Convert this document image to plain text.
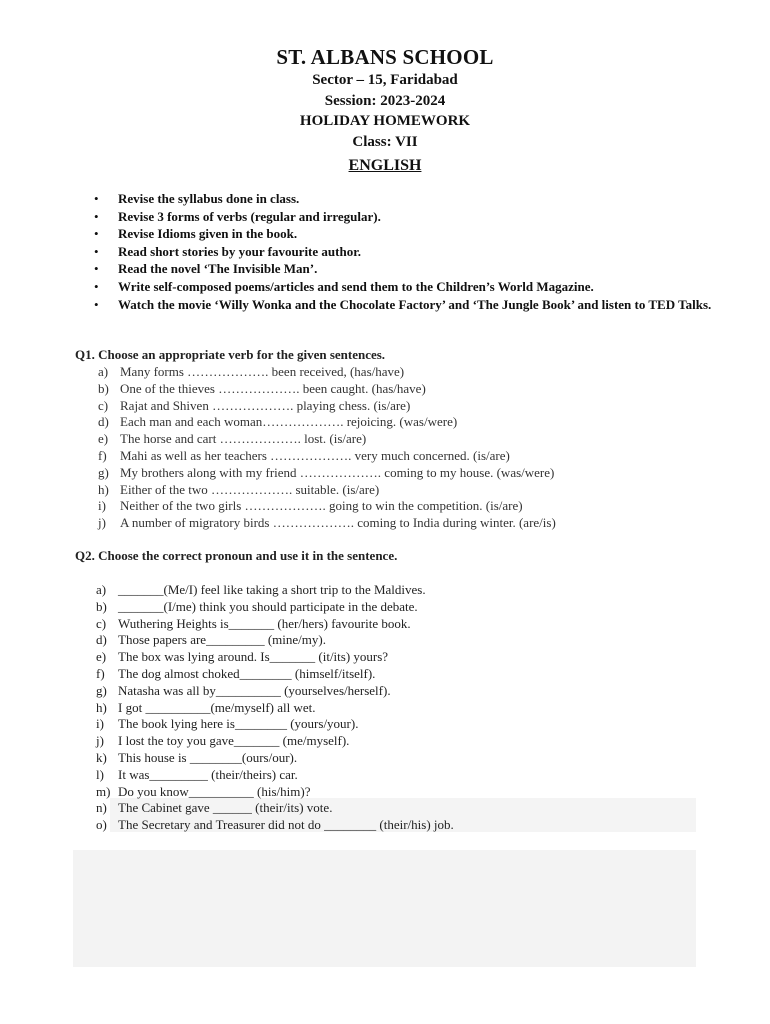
ST. ALBANS SCHOOL
Sector – 15, Faridabad
Session: 2023-2024
HOLIDAY HOMEWORK
Class: VII
ENGLISH
• Revise the syllabus done in class.
• Revise 3 forms of verbs (regular and irregular).
• Revise Idioms given in the book.
• Read short stories by your favourite author.
• Read the novel ‘The Invisible Man’.
• Write self-composed poems/articles and send them to the Children’s World Magazine.
• Watch the movie ‘Willy Wonka and the Chocolate Factory’ and ‘The Jungle Book’ and listen to TED Talks.
Q1. Choose an appropriate verb for the given sentences.
a) Many forms ………………. been received, (has/have)
b) One of the thieves ………………. been caught. (has/have)
c) Rajat and Shiven ………………. playing chess. (is/are)
d) Each man and each woman………………. rejoicing. (was/were)
e) The horse and cart ………………. lost. (is/are)
f)	Mahi as well as her teachers ………………. very much concerned. (is/are)
g) My brothers along with my friend ………………. coming to my house. (was/were)
h) Either of the two ………………. suitable. (is/are)
i)	Neither of the two girls ………………. going to win the competition. (is/are)
j)	A number of migratory birds ………………. coming to India during winter. (are/is)
Q2. Choose the correct pronoun and use it in the sentence.
a) _______(Me/I) feel like taking a short trip to the Maldives.
b) _______(I/me) think you should participate in the debate.
c) Wuthering Heights is_______ (her/hers) favourite book.
d) Those papers are_________ (mine/my).
e) The box was lying around. Is_______ (it/its) yours?
f)	The dog almost choked________ (himself/itself).
g) Natasha was all by__________ (yourselves/herself).
h) I got __________(me/myself) all wet.
i)	The book lying here is________ (yours/your).
j)	I lost the toy you gave_______ (me/myself).
k) This house is ________(ours/our).
l)	It was_________ (their/theirs) car.
m) Do you know__________ (his/him)?
n) The Cabinet gave ______ (their/its) vote.
o) The Secretary and Treasurer did not do ________ (their/his) job.
